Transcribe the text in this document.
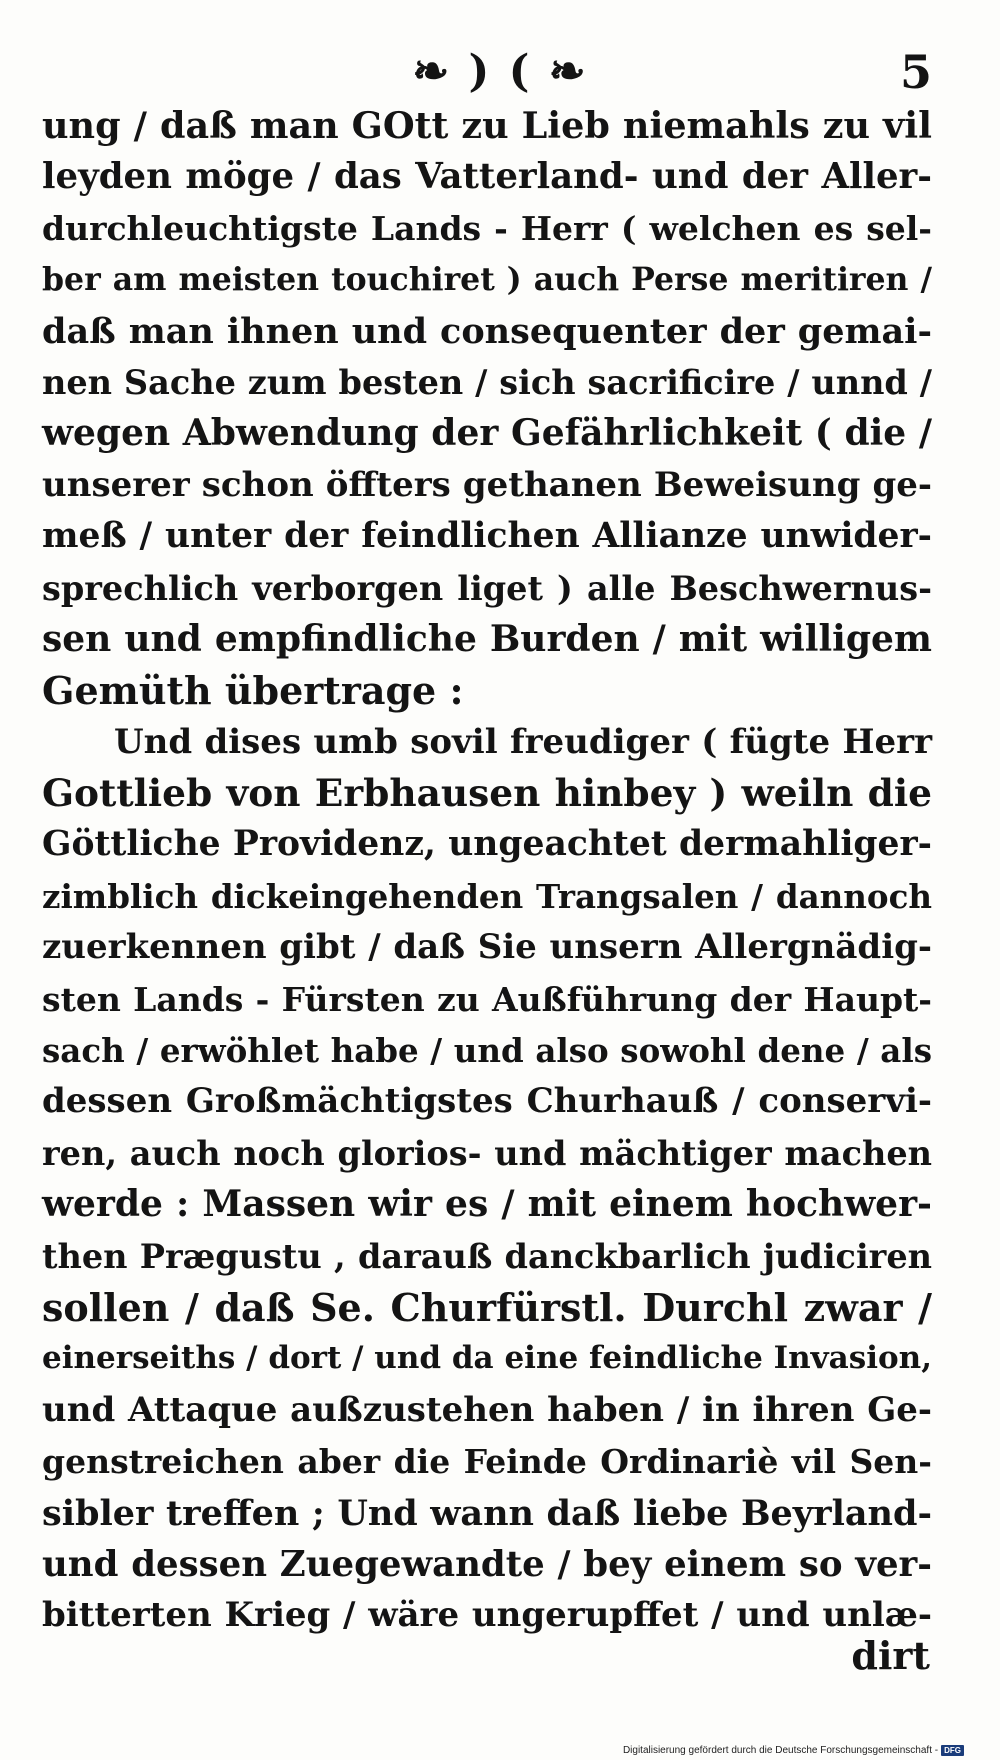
❧ ) ( ❧	5
ung / daß man GOtt zu Lieb niemahls zu vil
leyden möge / das Vatterland- und der Aller-
durchleuchtigste Lands - Herr ( welchen es sel-
ber am meisten touchiret ) auch Perse meritiren /
daß man ihnen und consequenter der gemai-
nen Sache zum besten / sich sacrificire / unnd /
wegen Abwendung der Gefährlichkeit ( die /
unserer schon öffters gethanen Beweisung ge-
meß / unter der feindlichen Allianze unwider-
sprechlich verborgen liget ) alle Beschwernus-
sen und empfindliche Burden / mit willigem
Gemüth übertrage :
Und dises umb sovil freudiger ( fügte Herr
Gottlieb von Erbhausen hinbey ) weiln die
Göttliche Providenz, ungeachtet dermahliger-
zimblich dickeingehenden Trangsalen / dannoch
zuerkennen gibt / daß Sie unsern Allergnädig-
sten Lands - Fürsten zu Außführung der Haupt-
sach / erwöhlet habe / und also sowohl dene / als
dessen Großmächtigstes Churhauß / conservi-
ren, auch noch glorios- und mächtiger machen
werde : Massen wir es / mit einem hochwer-
then Prægustu , darauß danckbarlich judiciren
sollen / daß Se. Churfürstl. Durchl zwar /
einerseiths / dort / und da eine feindliche Invasion,
und Attaque außzustehen haben / in ihren Ge-
genstreichen aber die Feinde Ordinariè vil Sen-
sibler treffen ; Und wann daß liebe Beyrland-
und dessen Zuegewandte / bey einem so ver-
bitterten Krieg / wäre ungerupffet / und unlæ-
dirt
Digitalisierung gefördert durch die Deutsche Forschungsgemeinschaft - DFG
